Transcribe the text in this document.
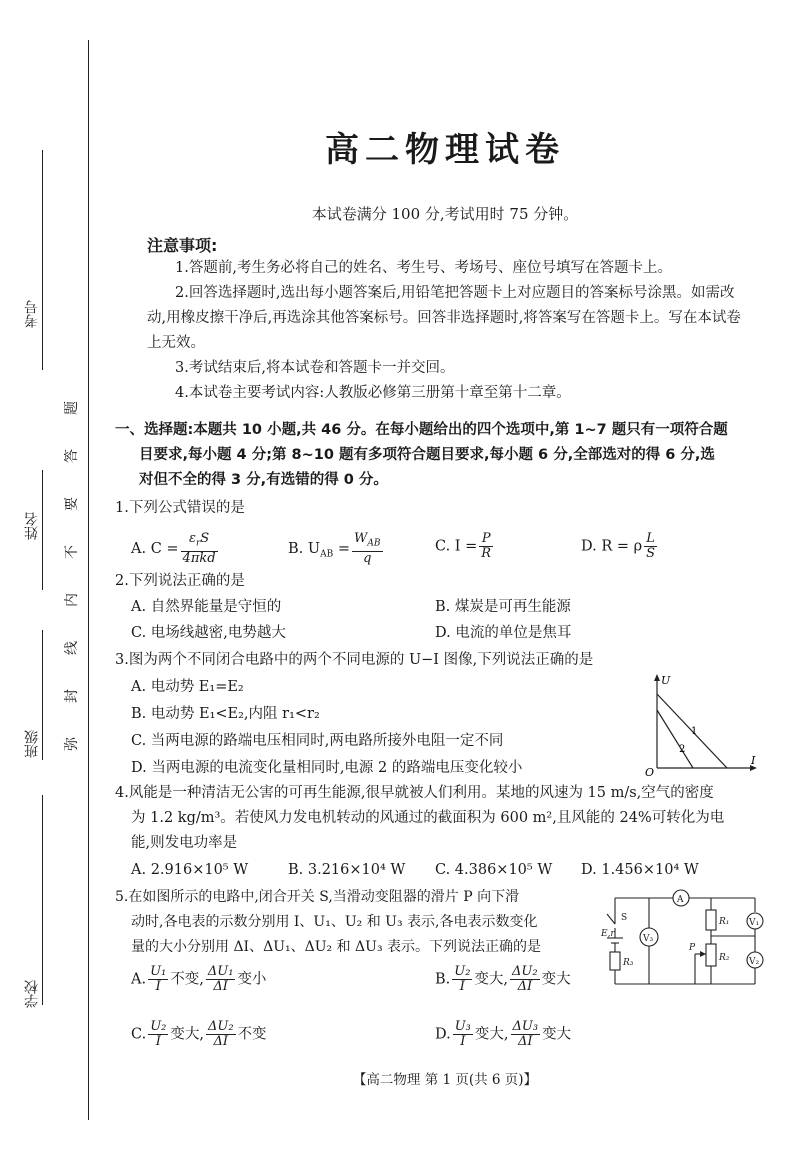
考号
姓名
班级
学校
题
答
要
不
内
线
封
弥
高二物理试卷
本试卷满分 100 分,考试用时 75 分钟。
注意事项:

1.答题前,考生务必将自己的姓名、考生号、考场号、座位号填写在答题卡上。

2.回答选择题时,选出每小题答案后,用铅笔把答题卡上对应题目的答案标号涂黑。如需改动,用橡皮擦干净后,再选涂其他答案标号。回答非选择题时,将答案写在答题卡上。写在本试卷上无效。

3.考试结束后,将本试卷和答题卡一并交回。

4.本试卷主要考试内容:人教版必修第三册第十章至第十二章。

一、选择题:本题共 10 小题,共 46 分。在每小题给出的四个选项中,第 1~7 题只有一项符合题
目要求,每小题 4 分;第 8~10 题有多项符合题目要求,每小题 6 分,全部选对的得 6 分,选
对但不全的得 3 分,有选错的得 0 分。
1.下列公式错误的是
A. $C = \frac{\varepsilon_rS}{\text{4πkd}}$	B. $U_{AB} = \frac{W_{AB}}{q}$	C. $I = \frac{P}{R}$	D. R = ρ $\frac{L}{S}$
2.下列说法正确的是
A. 自然界能量是守恒的	B. 煤炭是可再生能源
C. 电场线越密,电势越大	D. 电流的单位是焦耳
3.图为两个不同闭合电路中的两个不同电源的 U−I 图像,下列说法正确的是
A. 电动势 E₁=E₂
B. 电动势 E₁<E₂,内阻 r₁<r₂
C. 当两电源的路端电压相同时,两电路所接外电阻一定不同
D. 当两电源的电流变化量相同时,电源 2 的路端电压变化较小
U
I
O
1
2
4.风能是一种清洁无公害的可再生能源,很早就被人们利用。某地的风速为 15 m/s,空气的密度
为 1.2 kg/m³。若使风力发电机转动的风通过的截面积为 600 m²,且风能的 24%可转化为电
能,则发电功率是
A. 2.916×10⁵ W	B. 3.216×10⁴ W C. 4.386×10⁵ W D. 1.456×10⁴ W
5.在如图所示的电路中,闭合开关 S,当滑动变阻器的滑片 P 向下滑
动时,各电表的示数分别用 I、U₁、U₂ 和 U₃ 表示,各电表示数变化
量的大小分别用 ΔI、ΔU₁、ΔU₂ 和 ΔU₃ 表示。下列说法正确的是
A. $\frac{\text{U₁}}{I}$ 不变, $\frac{\text{ΔU₁}}{\Delta I}$ 变小	B. $\frac{\text{U₂}}{I}$ 变大, $\frac{\text{ΔU₂}}{\Delta I}$ 变大
C. $\frac{\text{U₂}}{I}$ 变大, $\frac{\text{ΔU₂}}{\Delta I}$ 不变	D. $\frac{\text{U₃}}{I}$ 变大, $\frac{\text{ΔU₃}}{\Delta I}$ 变大
S
E,r
R₃
V₃
A
R₁
R₂
P
V₁
V₂
【高二物理 第 1 页(共 6 页)】
